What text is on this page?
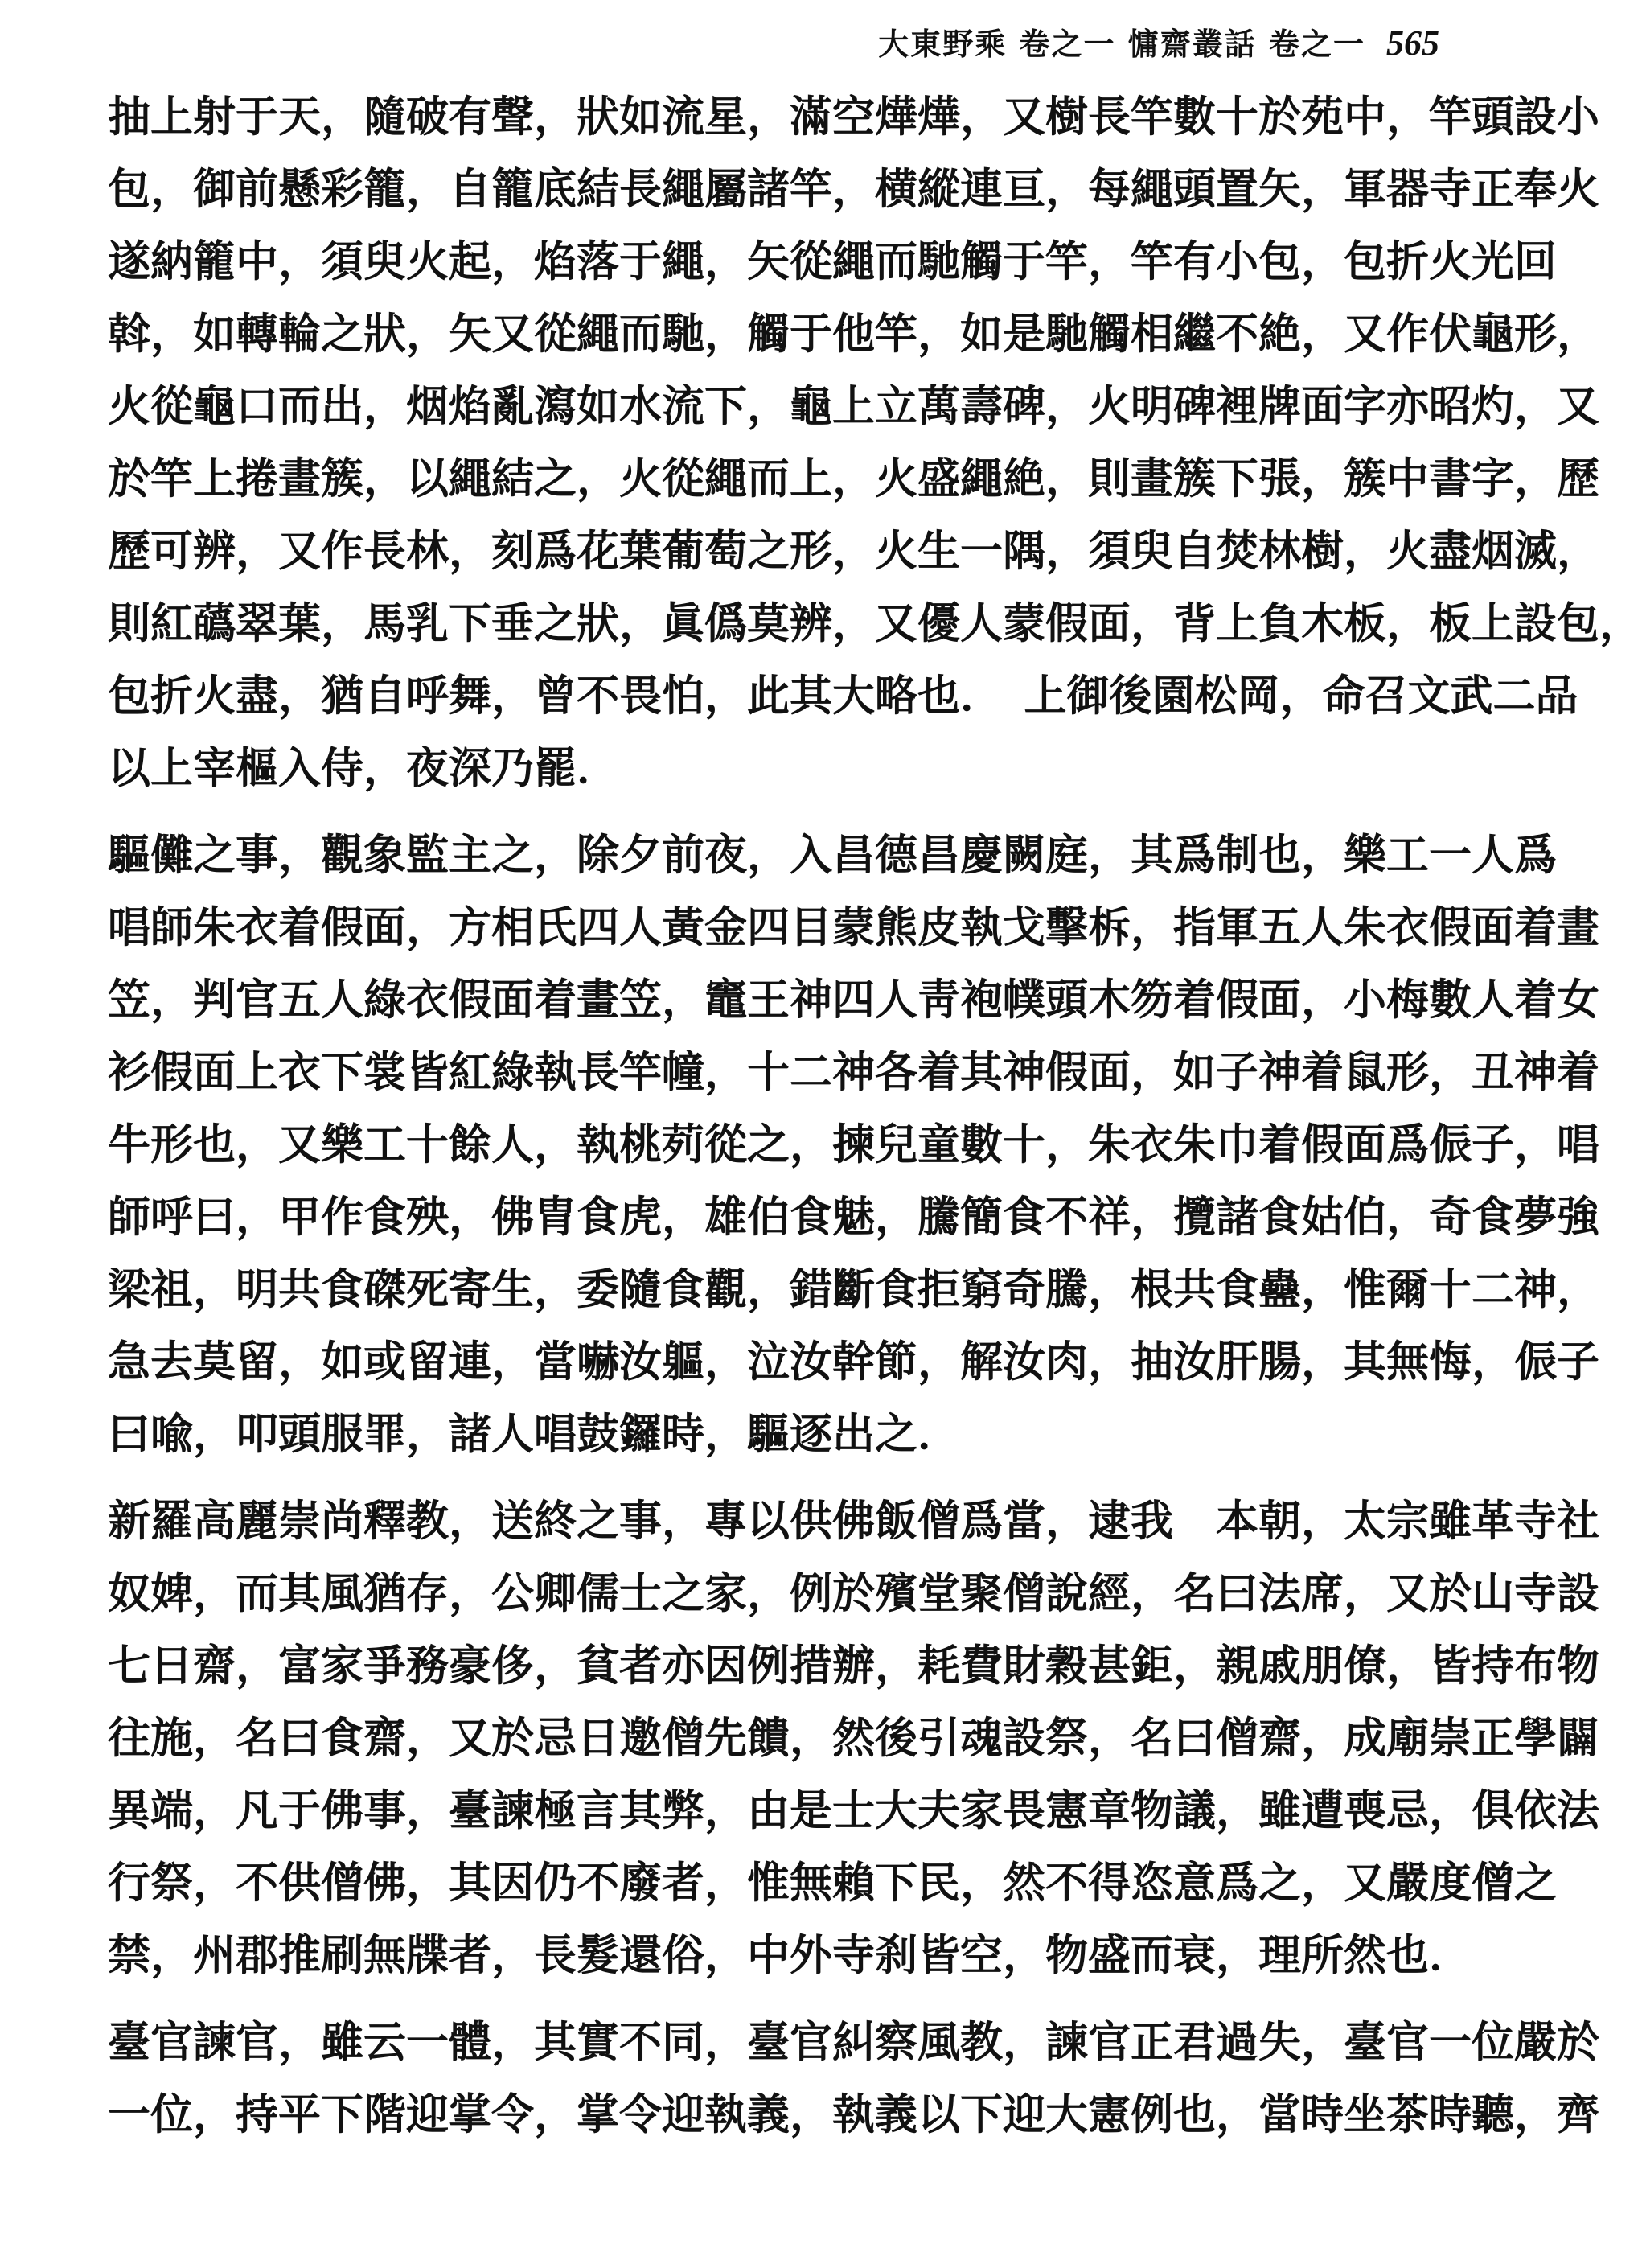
大東野乘 卷之一 慵齋叢話 卷之一 565
抽上射于天，隨破有聲，狀如流星，滿空燁燁，又樹長竿數十於苑中，竿頭設小
包，御前懸彩籠，自籠底結長繩屬諸竿，横縱連亘，每繩頭置矢，軍器寺正奉火
遂納籠中，須臾火起，焰落于繩，矢從繩而馳觸于竿，竿有小包，包折火光回
斡，如轉輪之狀，矢又從繩而馳，觸于他竿，如是馳觸相繼不絶，又作伏龜形，
火從龜口而出，烟焰亂瀉如水流下，龜上立萬壽碑，火明碑裡牌面字亦昭灼，又
於竿上捲畫簇，以繩結之，火從繩而上，火盛繩絶，則畫簇下張，簇中書字，歷
歷可辨，又作長林，刻爲花葉葡萄之形，火生一隅，須臾自焚林樹，火盡烟滅，
則紅蘤翠葉，馬乳下垂之狀，眞僞莫辨，又優人蒙假面，背上負木板，板上設包，
包折火盡，猶自呼舞，曾不畏怕，此其大略也．　上御後園松岡，命召文武二品
以上宰樞入侍，夜深乃罷．
驅儺之事，觀象監主之，除夕前夜，入昌德昌慶闕庭，其爲制也，樂工一人爲
唱師朱衣着假面，方相氏四人黃金四目蒙熊皮執戈擊柝，指軍五人朱衣假面着畫
笠，判官五人綠衣假面着畫笠，竈王神四人靑袍幞頭木笏着假面，小梅數人着女
衫假面上衣下裳皆紅綠執長竿幢，十二神各着其神假面，如子神着鼠形，丑神着
牛形也，又樂工十餘人，執桃茢從之，揀兒童數十，朱衣朱巾着假面爲侲子，唱
師呼曰，甲作食殃，佛胄食虎，雄伯食魅，騰簡食不祥，攬諸食姑伯，奇食夢強
梁祖，明共食磔死寄生，委隨食觀，錯斷食拒窮奇騰，根共食蠱，惟爾十二神，
急去莫留，如或留連，當嚇汝軀，泣汝幹節，解汝肉，抽汝肝腸，其無悔，侲子
曰喩，叩頭服罪，諸人唱鼓鑼時，驅逐出之．
新羅高麗崇尚釋教，送終之事，專以供佛飯僧爲當，逮我　本朝，太宗雖革寺社
奴婢，而其風猶存，公卿儒士之家，例於殯堂聚僧說經，名曰法席，又於山寺設
七日齋，富家爭務豪侈，貧者亦因例措辦，耗費財穀甚鉅，親戚朋僚，皆持布物
往施，名曰食齋，又於忌日邀僧先饋，然後引魂設祭，名曰僧齋，成廟崇正學闢
異端，凡于佛事，臺諫極言其弊，由是士大夫家畏憲章物議，雖遭喪忌，俱依法
行祭，不供僧佛，其因仍不廢者，惟無賴下民，然不得恣意爲之，又嚴度僧之
禁，州郡推刷無牒者，長髮還俗，中外寺刹皆空，物盛而衰，理所然也．
臺官諫官，雖云一體，其實不同，臺官糾察風教，諫官正君過失，臺官一位嚴於
一位，持平下階迎掌令，掌令迎執義，執義以下迎大憲例也，當時坐茶時聽，齊
